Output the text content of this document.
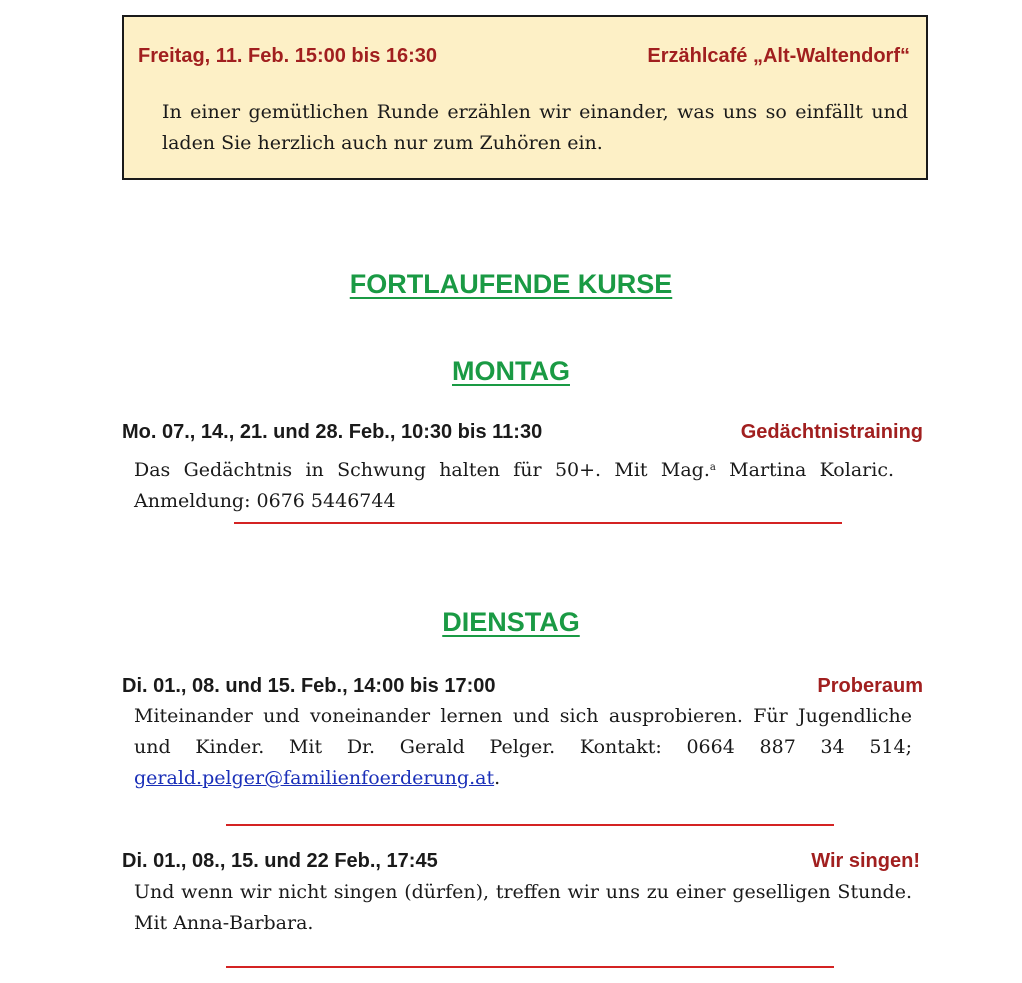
Freitag, 11. Feb. 15:00 bis 16:30	Erzählcafé „Alt-Waltendorf“
In einer gemütlichen Runde erzählen wir einander, was uns so einfällt und laden Sie herzlich auch nur zum Zuhören ein.
FORTLAUFENDE KURSE
MONTAG
Mo. 07., 14., 21. und 28. Feb., 10:30 bis 11:30	Gedächtnistraining
Das Gedächtnis in Schwung halten für 50+. Mit Mag.$^a$ Martina Kolaric. Anmeldung: 0676 5446744
DIENSTAG
Di. 01., 08. und 15. Feb., 14:00 bis 17:00	Proberaum
Miteinander und voneinander lernen und sich ausprobieren. Für Jugendliche und Kinder. Mit Dr. Gerald Pelger. Kontakt: 0664 887 34 514; gerald.pelger@familienfoerderung.at.
Di. 01., 08., 15. und 22 Feb., 17:45	Wir singen!
Und wenn wir nicht singen (dürfen), treffen wir uns zu einer geselligen Stunde. Mit Anna-Barbara.
